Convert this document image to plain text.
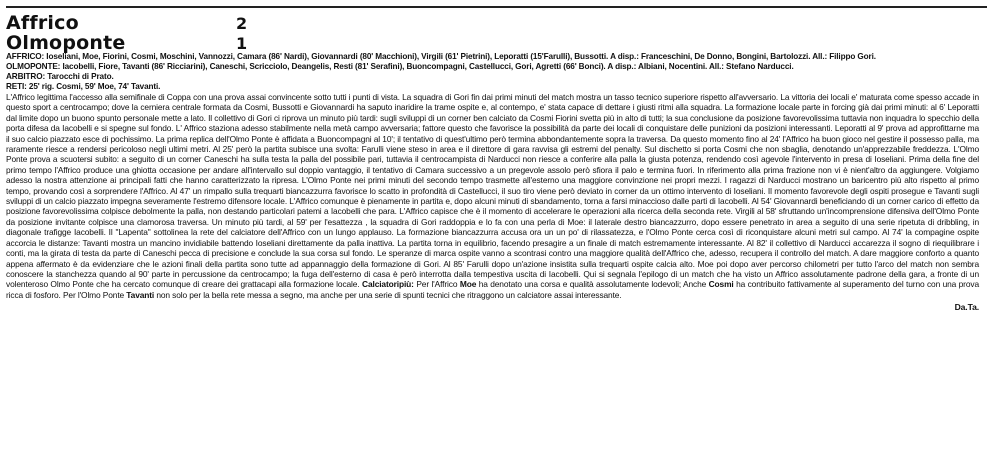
Affrico	2
Olmoponte	1

AFFRICO: Ioseliani, Moe, Fiorini, Cosmi, Moschini, Vannozzi, Camara (86' Nardi), Giovannardi (80' Macchioni), Virgili (61' Pietrini), Leporatti (15'Farulli), Bussotti. A disp.: Franceschini, De Donno, Bongini, Bartolozzi. All.: Filippo Gori.

OLMOPONTE: Iacobelli, Fiore, Tavanti (86' Ricciarini), Caneschi, Scricciolo, Deangelis, Resti (81' Serafini), Buoncompagni, Castellucci, Gori, Agretti (66' Bonci). A disp.: Albiani, Nocentini. All.: Stefano Narducci.

ARBITRO: Tarocchi di Prato.

RETI: 25' rig. Cosmi, 59' Moe, 74' Tavanti.

L'Affrico legittima l'accesso alla semifinale di Coppa con una prova assai convincente sotto tutti i punti di vista. La squadra di Gori fin dai primi minuti del match mostra un tasso tecnico superiore rispetto all'avversario. La vittoria dei locali e' maturata come spesso accade in questo sport a centrocampo; dove la cerniera centrale formata da Cosmi, Bussotti e Giovannardi ha saputo inaridire la trame ospite e, al contempo, e' stata capace di dettare i giusti ritmi alla squadra. La formazione locale parte in forcing già dai primi minuti: al 6' Leporatti dal limite dopo un buono spunto personale mette a lato. Il collettivo di Gori ci riprova un minuto più tardi: sugli sviluppi di un corner ben calciato da Cosmi Fiorini svetta più in alto di tutti; la sua conclusione da posizione favorevolissima tuttavia non inquadra lo specchio della porta difesa da Iacobelli e si spegne sul fondo. L' Affrico staziona adesso stabilmente nella metà campo avversaria; fattore questo che favorisce la possibilità da parte dei locali di conquistare delle punizioni da posizioni interessanti. Leporatti al 9' prova ad approfittarne ma il suo calcio piazzato esce di pochissimo. La prima replica dell'Olmo Ponte è affidata a Buoncompagni al 10'; il tentativo di quest'ultimo però termina abbondantemente sopra la traversa. Da questo momento fino al 24' l'Affrico ha buon gioco nel gestire il possesso palla, ma raramente riesce a rendersi pericoloso negli ultimi metri. Al 25' però la partita subisce una svolta: Farulli viene steso in area e il direttore di gara ravvisa gli estremi del penalty. Sul dischetto si porta Cosmi che non sbaglia, denotando un'apprezzabile freddezza. L'Olmo Ponte prova a scuotersi subito: a seguito di un corner Caneschi ha sulla testa la palla del possibile pari, tuttavia il centrocampista di Narducci non riesce a conferire alla palla la giusta potenza, rendendo così agevole l'intervento in presa di Ioseliani. Prima della fine del primo tempo l'Affrico produce una ghiotta occasione per andare all'intervallo sul doppio vantaggio, il tentativo di Camara successivo a un pregevole assolo però sfiora il palo e termina fuori. In riferimento alla prima frazione non vi è nient'altro da aggiungere. Volgiamo adesso la nostra attenzione ai principali fatti che hanno caratterizzato la ripresa. L'Olmo Ponte nei primi minuti del secondo tempo trasmette all'esterno una maggiore convinzione nei propri mezzi. I ragazzi di Narducci mostrano un baricentro più alto rispetto al primo tempo, provando così a sorprendere l'Affrico. Al 47' un rimpallo sulla trequarti biancazzurra favorisce lo scatto in profondità di Castellucci, il suo tiro viene però deviato in corner da un ottimo intervento di Ioseliani. Il momento favorevole degli ospiti prosegue e Tavanti sugli sviluppi di un calcio piazzato impegna severamente l'estremo difensore locale. L'Affrico comunque è pienamente in partita e, dopo alcuni minuti di sbandamento, torna a farsi minaccioso dalle parti di Iacobelli. Al 54' Giovannardi beneficiando di un corner carico di effetto da posizione favorevolissima colpisce debolmente la palla, non destando particolari patemi a Iacobelli che para. L'Affrico capisce che è il momento di accelerare le operazioni alla ricerca della seconda rete. Virgili al 58' sfruttando un'incomprensione difensiva dell'Olmo Ponte da posizione invitante colpisce una clamorosa traversa. Un minuto più tardi, al 59' per l'esattezza , la squadra di Gori raddoppia e lo fa con una perla di Moe: il laterale destro biancazzurro, dopo essere penetrato in area a seguito di una serie ripetuta di dribbling, in diagonale trafigge Iacobelli. Il "Lapenta" sottolinea la rete del calciatore dell'Affrico con un lungo applauso. La formazione biancazzurra accusa ora un un po' di rilassatezza, e l'Olmo Ponte cerca così di riconquistare alcuni metri sul campo. Al 74' la compagine ospite accorcia le distanze: Tavanti mostra un mancino invidiabile battendo Ioseliani direttamente da palla inattiva. La partita torna in equilibrio, facendo presagire a un finale di match estremamente interessante. Al 82' il collettivo di Narducci accarezza il sogno di riequilibrare i conti, ma la girata di testa da parte di Caneschi pecca di precisione e conclude la sua corsa sul fondo. Le speranze di marca ospite vanno a scontrasi contro una maggiore qualità dell'Affrico che, adesso, recupera il controllo del match. A dare maggiore conforto a quanto appena affermato è da evidenziare che le azioni finali della partita sono tutte ad appannaggio della formazione di Gori. Al 85' Farulli dopo un'azione insistita sulla trequarti ospite calcia alto. Moe poi dopo aver percorso chilometri per tutto l'arco del match non sembra conoscere la stanchezza quando al 90' parte in percussione da centrocampo; la fuga dell'esterno di casa è però interrotta dalla tempestiva uscita di Iacobelli. Qui si segnala l'epilogo di un match che ha visto un Affrico assolutamente padrone della gara, a fronte di un volenteroso Olmo Ponte che ha cercato comunque di creare dei grattacapi alla formazione locale. Calciatoripiù: Per l'Affrico Moe ha denotato una corsa e qualità assolutamente lodevoli; Anche Cosmi ha contribuito fattivamente al superamento del turno con una prova ricca di fosforo. Per l'Olmo Ponte Tavanti non solo per la bella rete messa a segno, ma anche per una serie di spunti tecnici che ritraggono un calciatore assai interessante.

Da.Ta.
